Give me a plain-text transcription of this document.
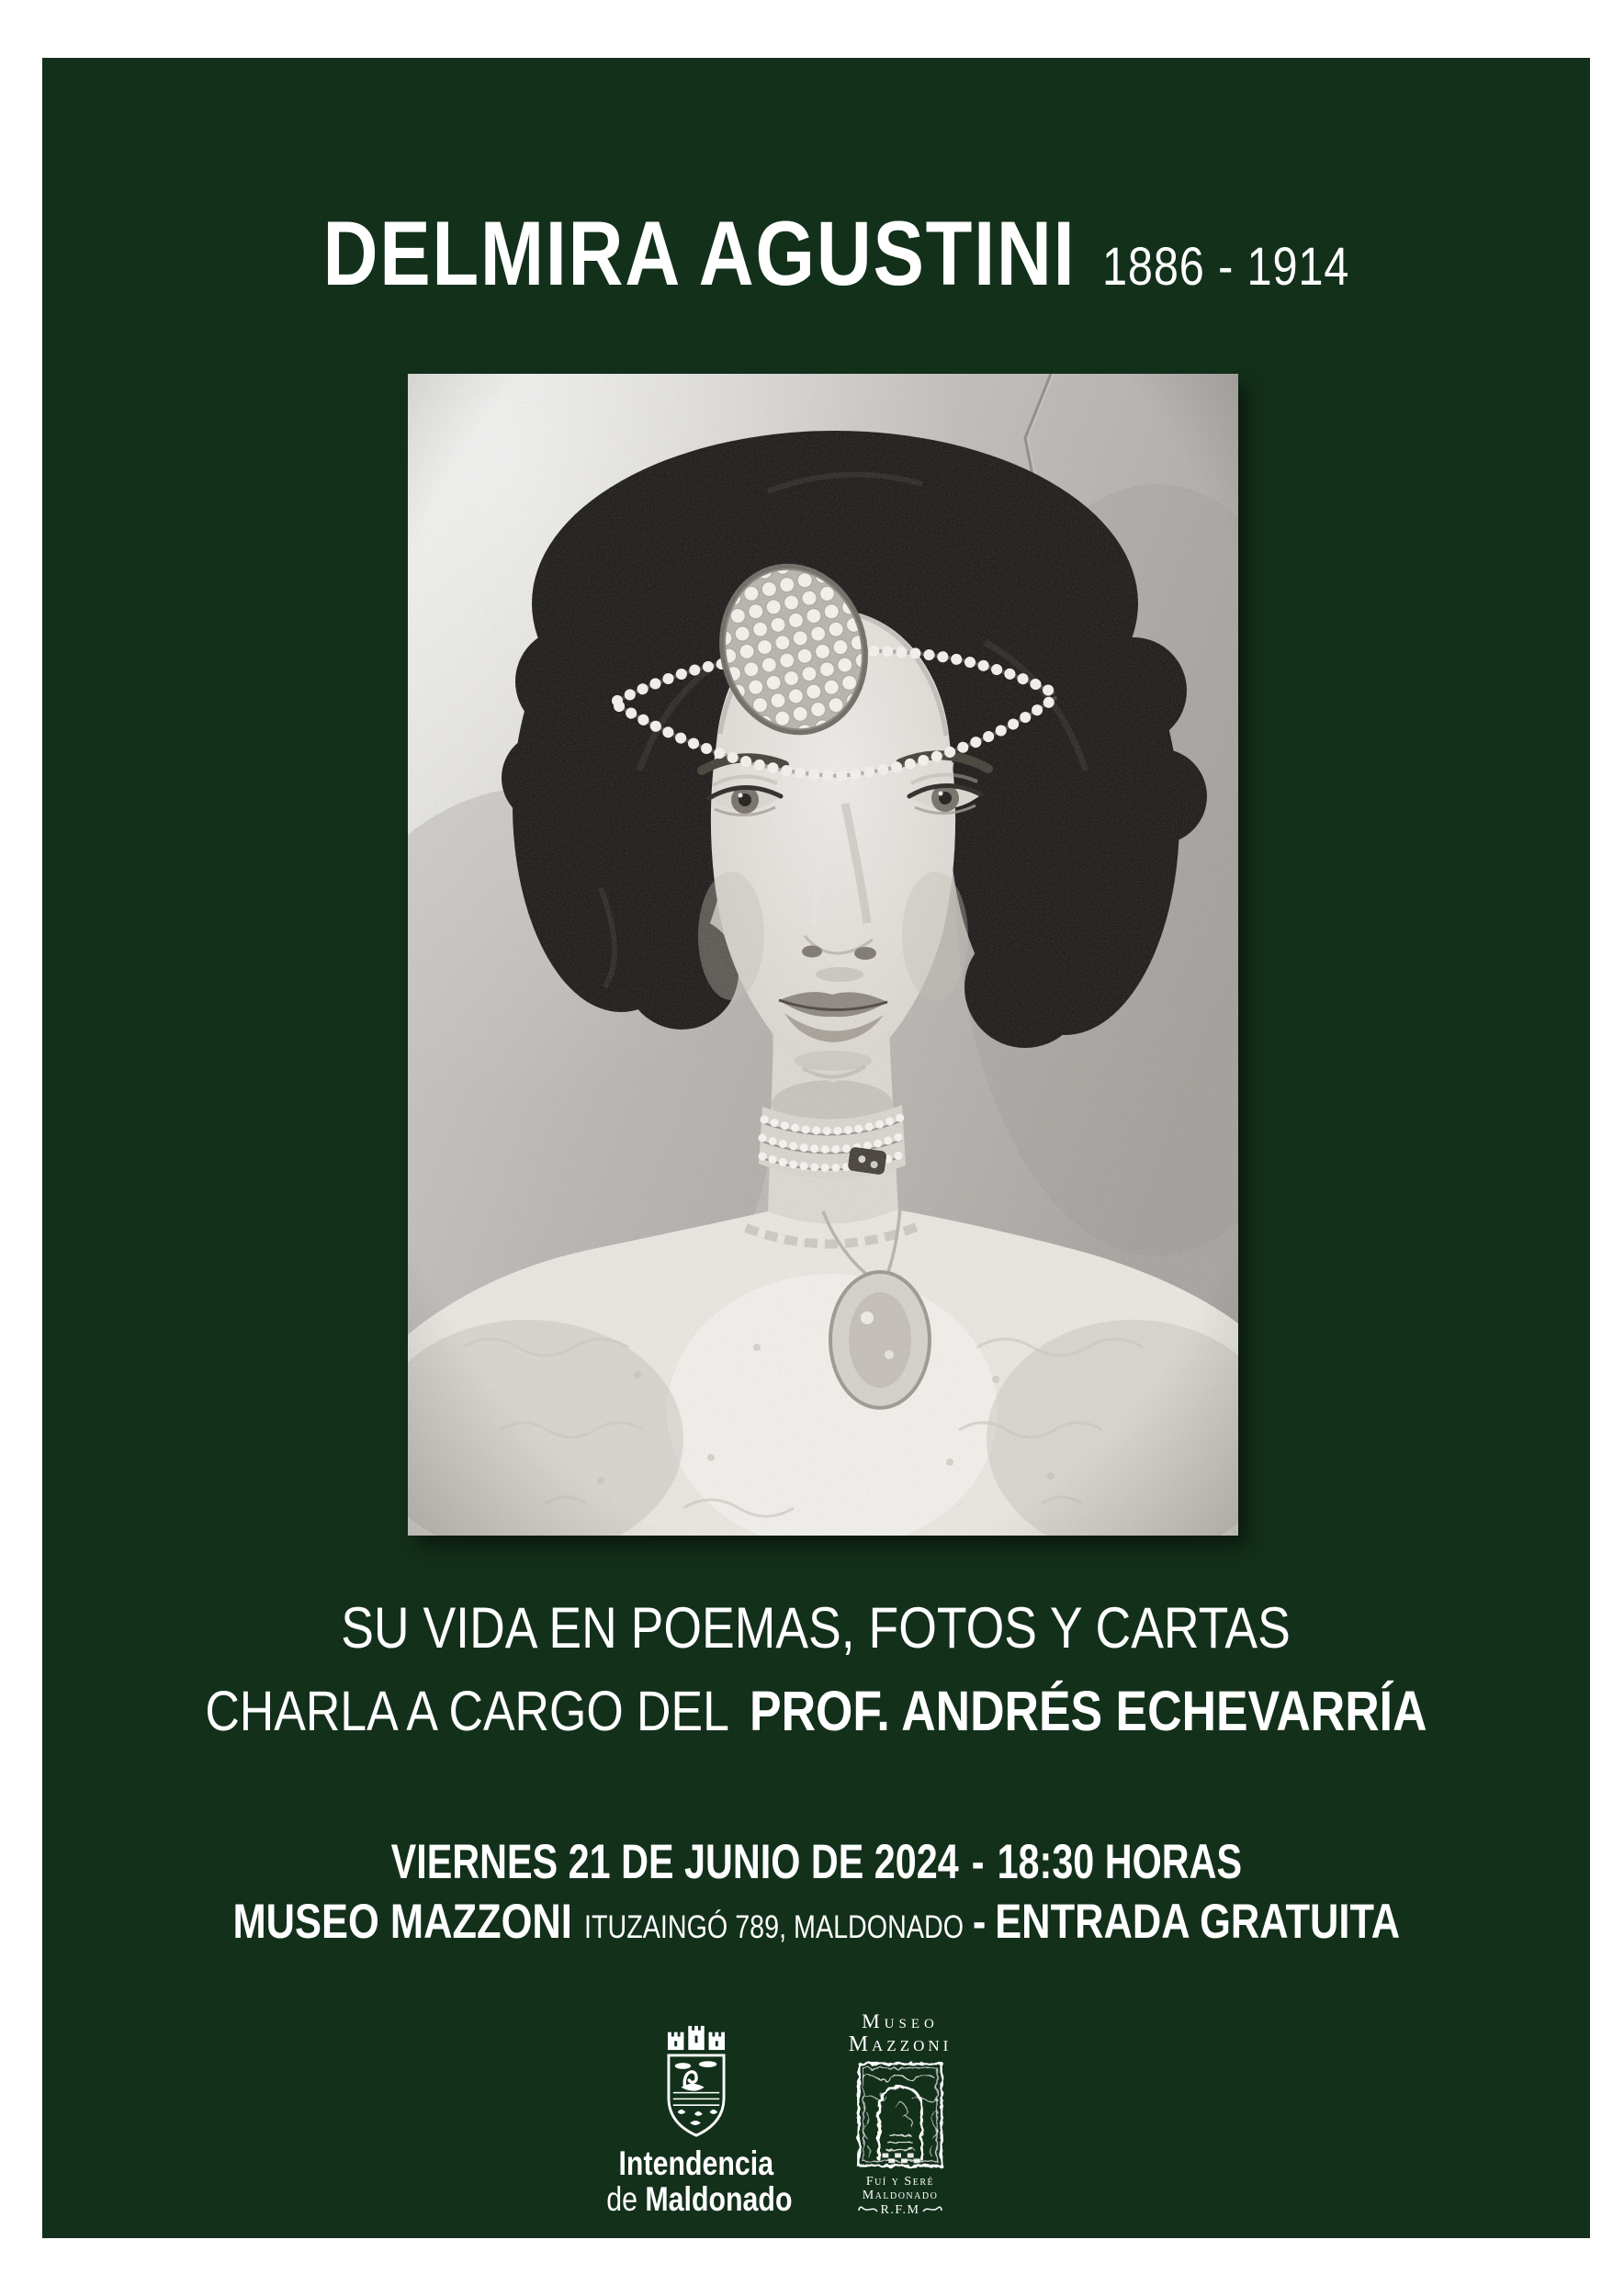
DELMIRA AGUSTINI 1886 - 1914
SU VIDA EN POEMAS, FOTOS Y CARTAS
CHARLA A CARGO DEL PROF. ANDRÉS ECHEVARRÍA
VIERNES 21 DE JUNIO DE 2024 - 18:30 HORAS
MUSEO MAZZONI ITUZAINGÓ 789, MALDONADO - ENTRADA GRATUITA
Intendencia
de Maldonado
Museo
Mazzoni
Fuí y Seré
Maldonado
R.F.M
